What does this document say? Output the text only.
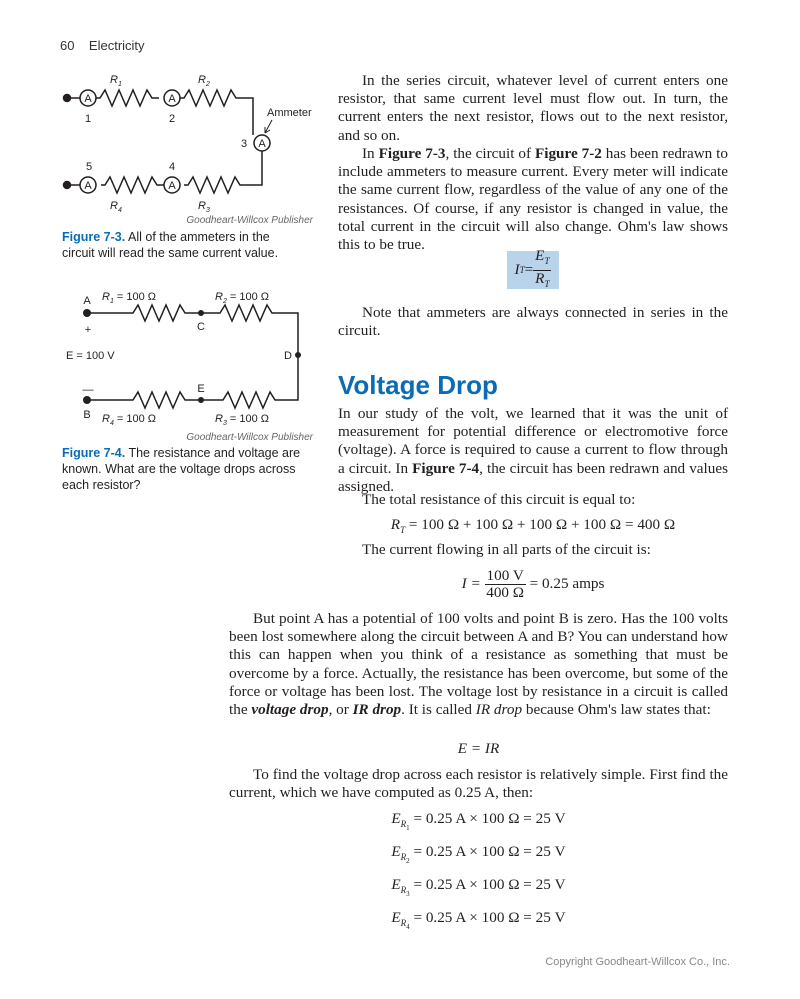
60 Electricity
A	A
A
A
A
$R_1$	$R_2$
$R_3$
$R_4$
Ammeter
1	2
3
4
5
Goodheart-Willcox Publisher
Figure 7-3. All of the ammeters in the circuit will read the same current value.
A
B
C
D
E
+
—
E = 100 V
$R_1 = 100$ Ω	$R_2 = 100$ Ω
$R_3 = 100$ Ω
$R_4 = 100$ Ω
Goodheart-Willcox Publisher
Figure 7-4. The resistance and voltage are known. What are the voltage drops across each resistor?
In the series circuit, whatever level of current enters one resistor, that same current level must flow out. In turn, the current enters the next resistor, flows out to the next resistor, and so on.
In Figure 7-3, the circuit of Figure 7-2 has been redrawn to include ammeters to measure current. Every meter will indicate the same current flow, regardless of the value of any one of the resistances. Of course, if any resistor is changed in value, the total current in the circuit will also change. Ohm's law shows this to be true.
I $T = \frac{E_T}{R_T}$
Note that ammeters are always connected in series in the circuit.
Voltage Drop
In our study of the volt, we learned that it was the unit of measurement for potential difference or electromotive force (voltage). A force is required to cause a current to flow through a circuit. In Figure 7-4, the circuit has been redrawn and values assigned.
The total resistance of this circuit is equal to:
$R_T = 100$ Ω + 100 Ω + 100 Ω + 100 Ω = 400 Ω
The current flowing in all parts of the circuit is:
$I = \frac{100 V}{400 \Omega} = 0.25$ amps
But point A has a potential of 100 volts and point B is zero. Has the 100 volts been lost somewhere along the circuit between A and B? You can understand how this can happen when you think of a resistance as something that must be overcome by a force. Actually, the resistance has been overcome, but some of the force or voltage has been lost. The voltage lost by resistance in a circuit is called the voltage drop, or IR drop. It is called IR drop because Ohm's law states that:
E = IR
To find the voltage drop across each resistor is relatively simple. First find the current, which we have computed as 0.25 A, then:
$E_{R_1} = 0.25$ A × 100 Ω = 25 V
$E_{R_2} = 0.25$ A × 100 Ω = 25 V
$E_{R_3} = 0.25$ A × 100 Ω = 25 V
$E_{R_4} = 0.25$ A × 100 Ω = 25 V
Copyright Goodheart-Willcox Co., Inc.
